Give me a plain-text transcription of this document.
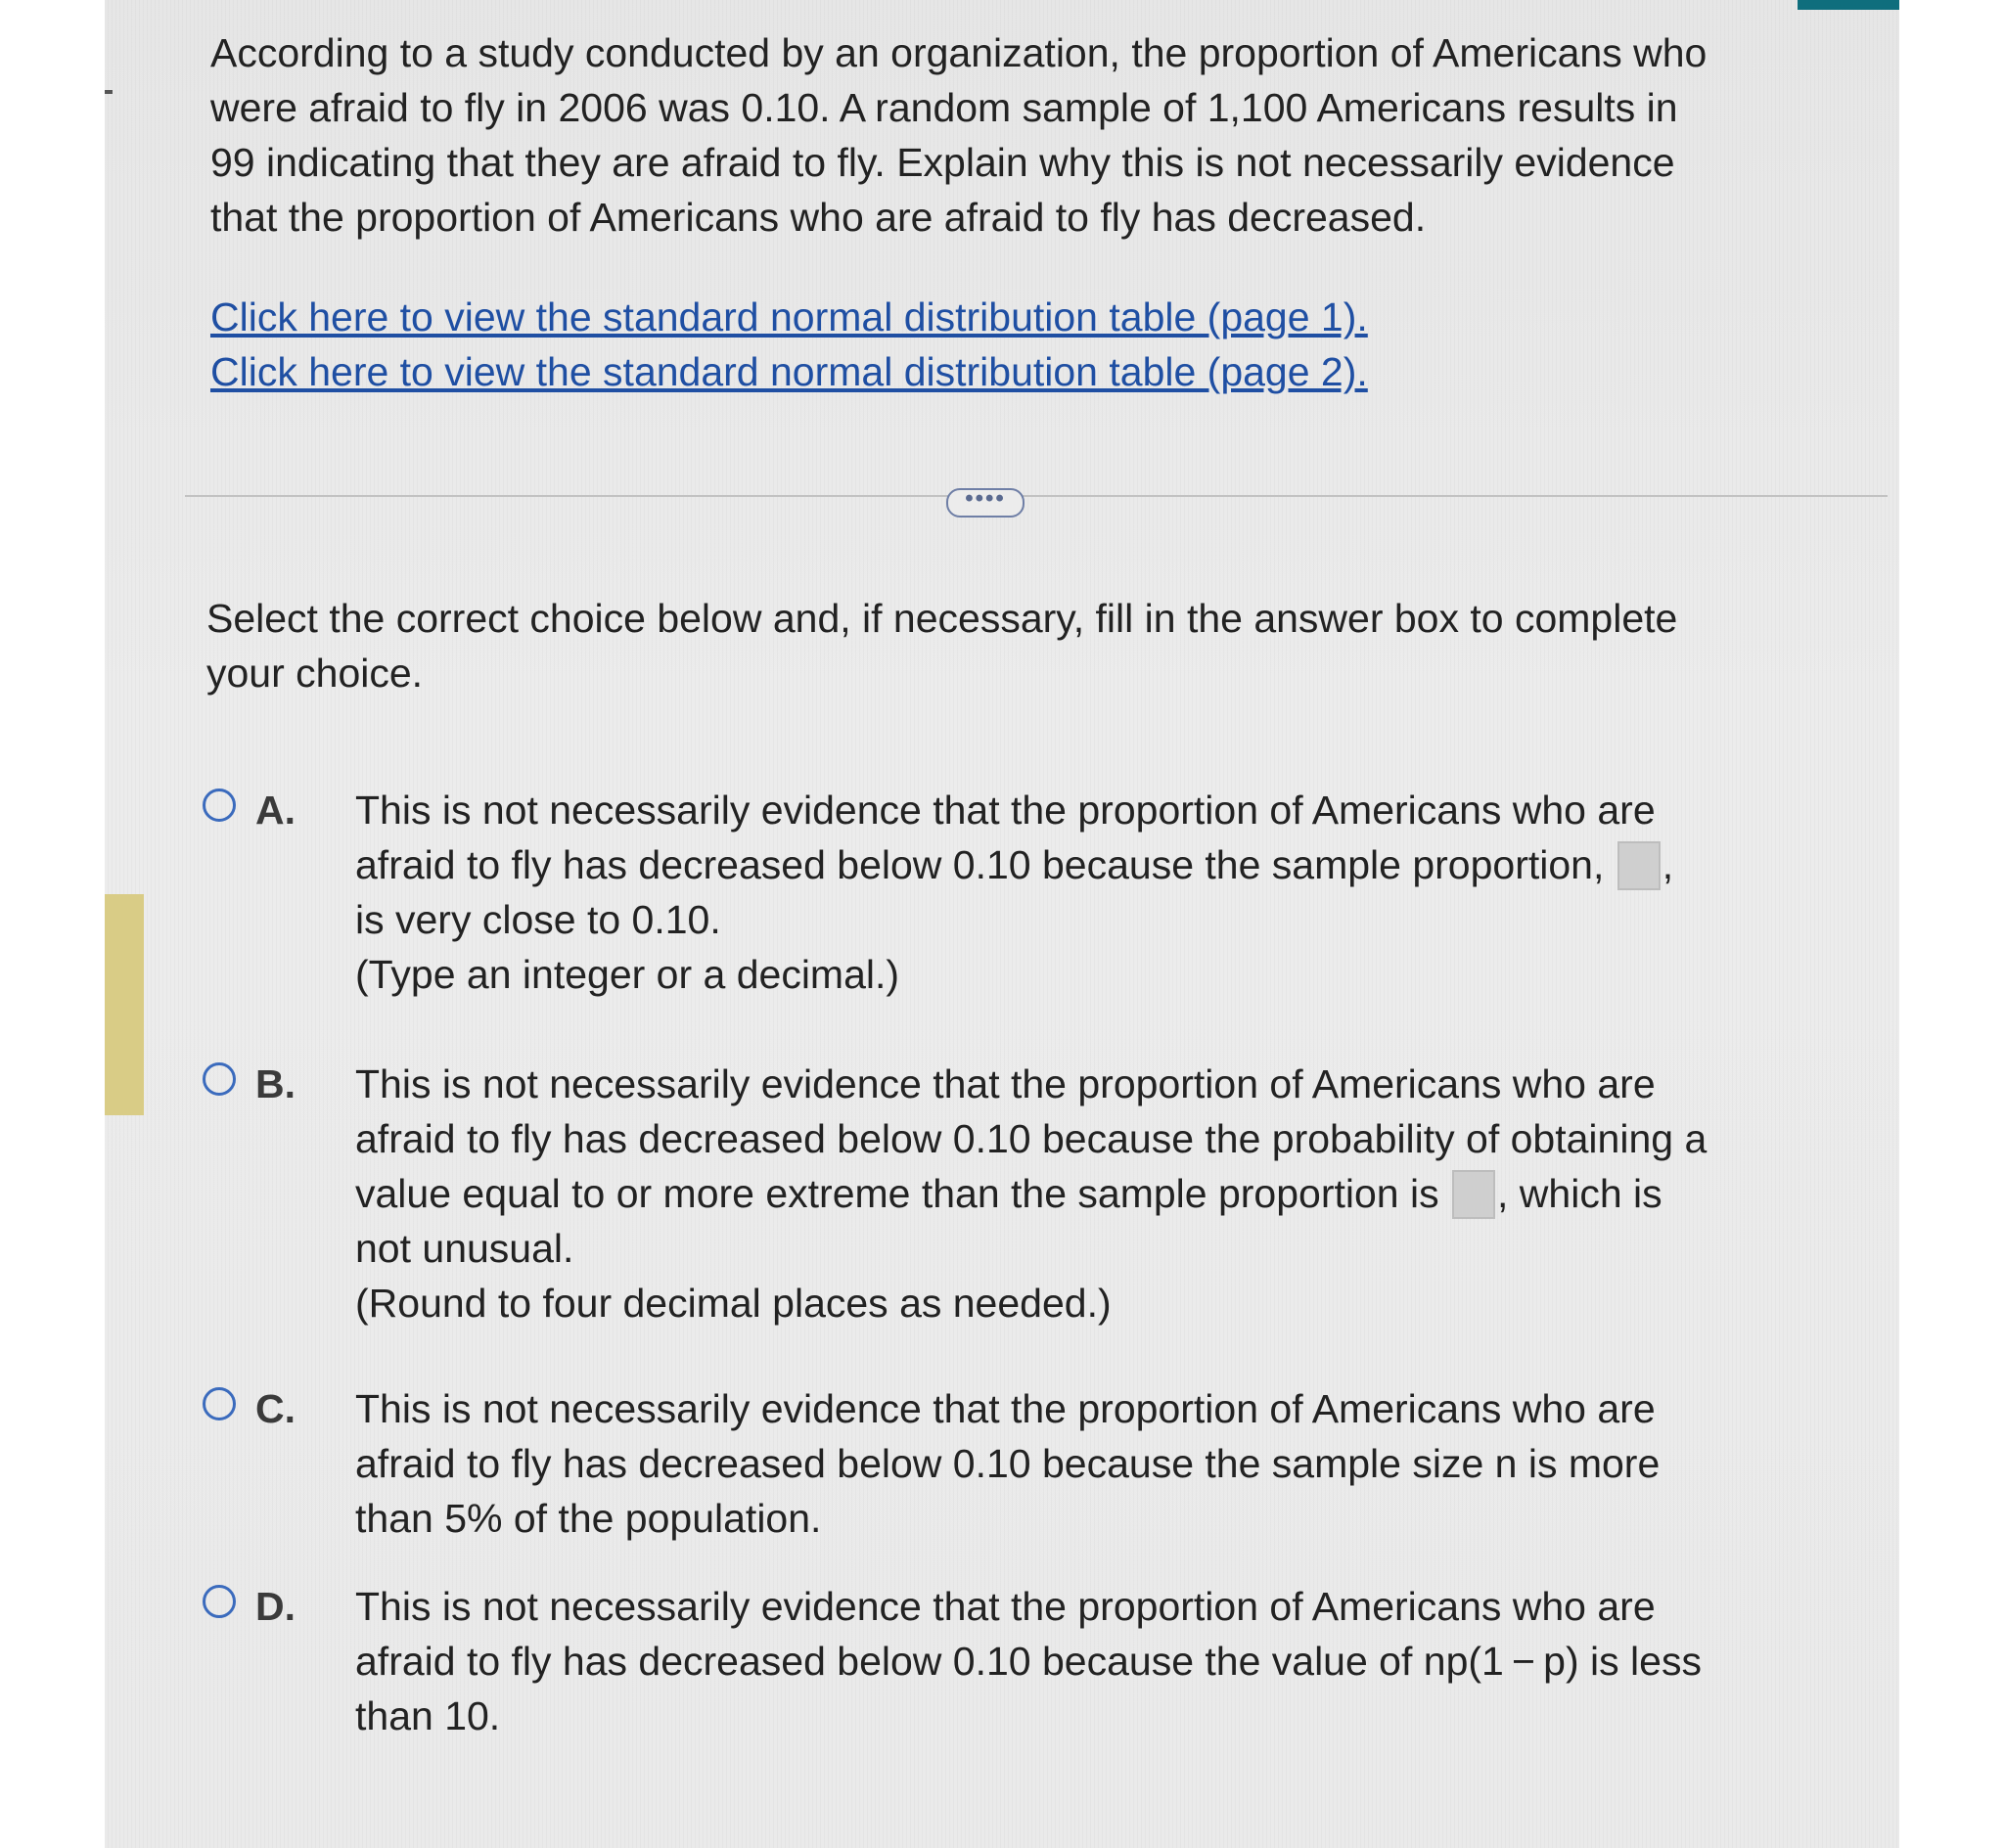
According to a study conducted by an organization, the proportion of Americans who
were afraid to fly in 2006 was 0.10. A random sample of 1,100 Americans results in
99 indicating that they are afraid to fly. Explain why this is not necessarily evidence
that the proportion of Americans who are afraid to fly has decreased.

Click here to view the standard normal distribution table (page 1).
Click here to view the standard normal distribution table (page 2).
••••

Select the correct choice below and, if necessary, fill in the answer box to complete
your choice.

A. This is not necessarily evidence that the proportion of Americans who are
afraid to fly has decreased below 0.10 because the sample proportion, ,
is very close to 0.10.
(Type an integer or a decimal.)
B. This is not necessarily evidence that the proportion of Americans who are
afraid to fly has decreased below 0.10 because the probability of obtaining a
value equal to or more extreme than the sample proportion is , which is
not unusual.
(Round to four decimal places as needed.)
C. This is not necessarily evidence that the proportion of Americans who are
afraid to fly has decreased below 0.10 because the sample size n is more
than 5% of the population.
D. This is not necessarily evidence that the proportion of Americans who are
afraid to fly has decreased below 0.10 because the value of np(1 − p) is less
than 10.
